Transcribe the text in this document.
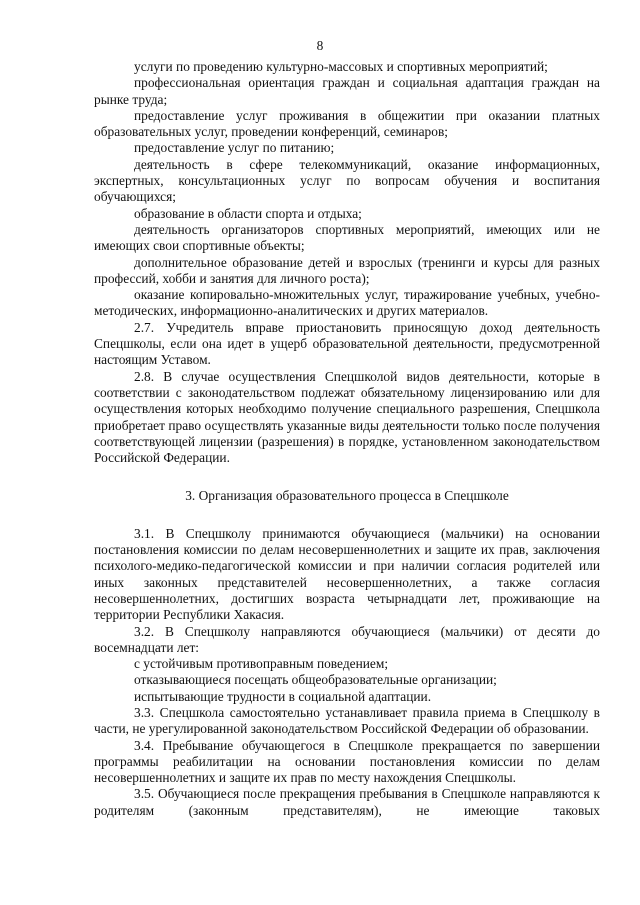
8

услуги по проведению культурно-массовых и спортивных мероприятий;

профессиональная ориентация граждан и социальная адаптация граждан на рынке труда;

предоставление услуг проживания в общежитии при оказании платных образовательных услуг, проведении конференций, семинаров;

предоставление услуг по питанию;

деятельность в сфере телекоммуникаций, оказание информационных, экспертных, консультационных услуг по вопросам обучения и воспитания обучающихся;

образование в области спорта и отдыха;

деятельность организаторов спортивных мероприятий, имеющих или не имеющих свои спортивные объекты;

дополнительное образование детей и взрослых (тренинги и курсы для разных профессий, хобби и занятия для личного роста);

оказание копировально-множительных услуг, тиражирование учебных, учебно-методических, информационно-аналитических и других материалов.

2.7. Учредитель вправе приостановить приносящую доход деятельность Спецшколы, если она идет в ущерб образовательной деятельности, предусмотренной настоящим Уставом.

2.8. В случае осуществления Спецшколой видов деятельности, которые в соответствии с законодательством подлежат обязательному лицензированию или для осуществления которых необходимо получение специального разрешения, Спецшкола приобретает право осуществлять указанные виды деятельности только после получения соответствующей лицензии (разрешения) в порядке, установленном законодательством Российской Федерации.

3. Организация образовательного процесса в Спецшколе

3.1. В Спецшколу принимаются обучающиеся (мальчики) на основании постановления комиссии по делам несовершеннолетних и защите их прав, заключения психолого-медико-педагогической комиссии и при наличии согласия родителей или иных законных представителей несовершеннолетних, а также согласия несовершеннолетних, достигших возраста четырнадцати лет, проживающие на территории Республики Хакасия.

3.2. В Спецшколу направляются обучающиеся (мальчики) от десяти до восемнадцати лет:

с устойчивым противоправным поведением;

отказывающиеся посещать общеобразовательные организации;

испытывающие трудности в социальной адаптации.

3.3. Спецшкола самостоятельно устанавливает правила приема в Спецшколу в части, не урегулированной законодательством Российской Федерации об образовании.

3.4. Пребывание обучающегося в Спецшколе прекращается по завершении программы реабилитации на основании постановления комиссии по делам несовершеннолетних и защите их прав по месту нахождения Спецшколы.

3.5. Обучающиеся после прекращения пребывания в Спецшколе направляются к родителям (законным представителям), не имеющие таковых
